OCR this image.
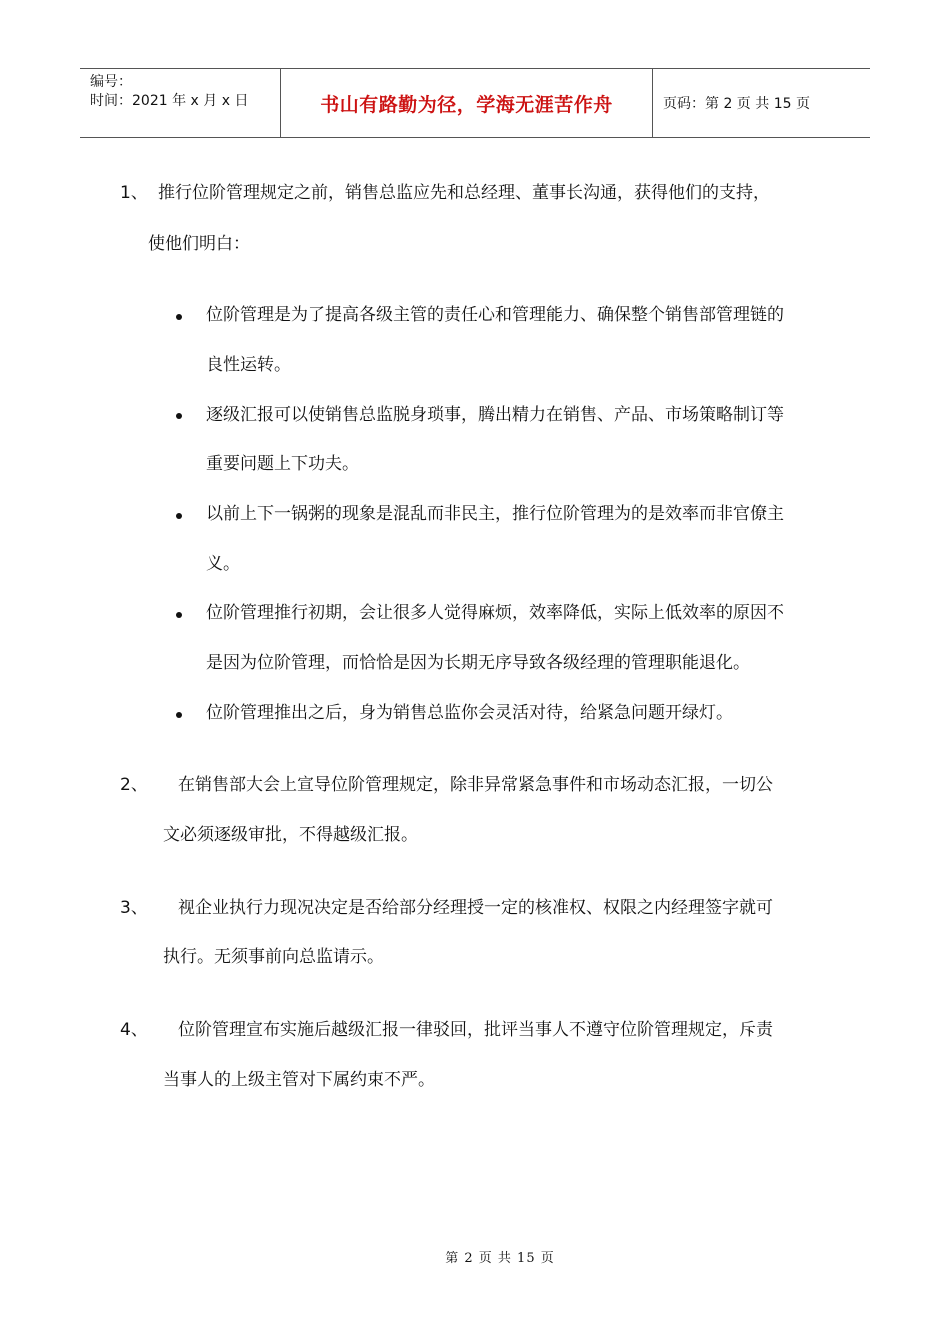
编号：
时间：2021 年 x 月 x 日	书山有路勤为径，学海无涯苦作舟	页码：第 2 页 共 15 页
1、 推行位阶管理规定之前，销售总监应先和总经理、董事长沟通，获得他们的支持，
使他们明白：
位阶管理是为了提高各级主管的责任心和管理能力、确保整个销售部管理链的
良性运转。
逐级汇报可以使销售总监脱身琐事，腾出精力在销售、产品、市场策略制订等
重要问题上下功夫。
以前上下一锅粥的现象是混乱而非民主，推行位阶管理为的是效率而非官僚主
义。
位阶管理推行初期，会让很多人觉得麻烦，效率降低，实际上低效率的原因不
是因为位阶管理，而恰恰是因为长期无序导致各级经理的管理职能退化。
位阶管理推出之后，身为销售总监你会灵活对待，给紧急问题开绿灯。
2、 在销售部大会上宣导位阶管理规定，除非异常紧急事件和市场动态汇报，一切公
文必须逐级审批，不得越级汇报。
3、 视企业执行力现况决定是否给部分经理授一定的核准权、权限之内经理签字就可
执行。无须事前向总监请示。
4、 位阶管理宣布实施后越级汇报一律驳回，批评当事人不遵守位阶管理规定，斥责
当事人的上级主管对下属约束不严。
第 2 页 共 15 页
